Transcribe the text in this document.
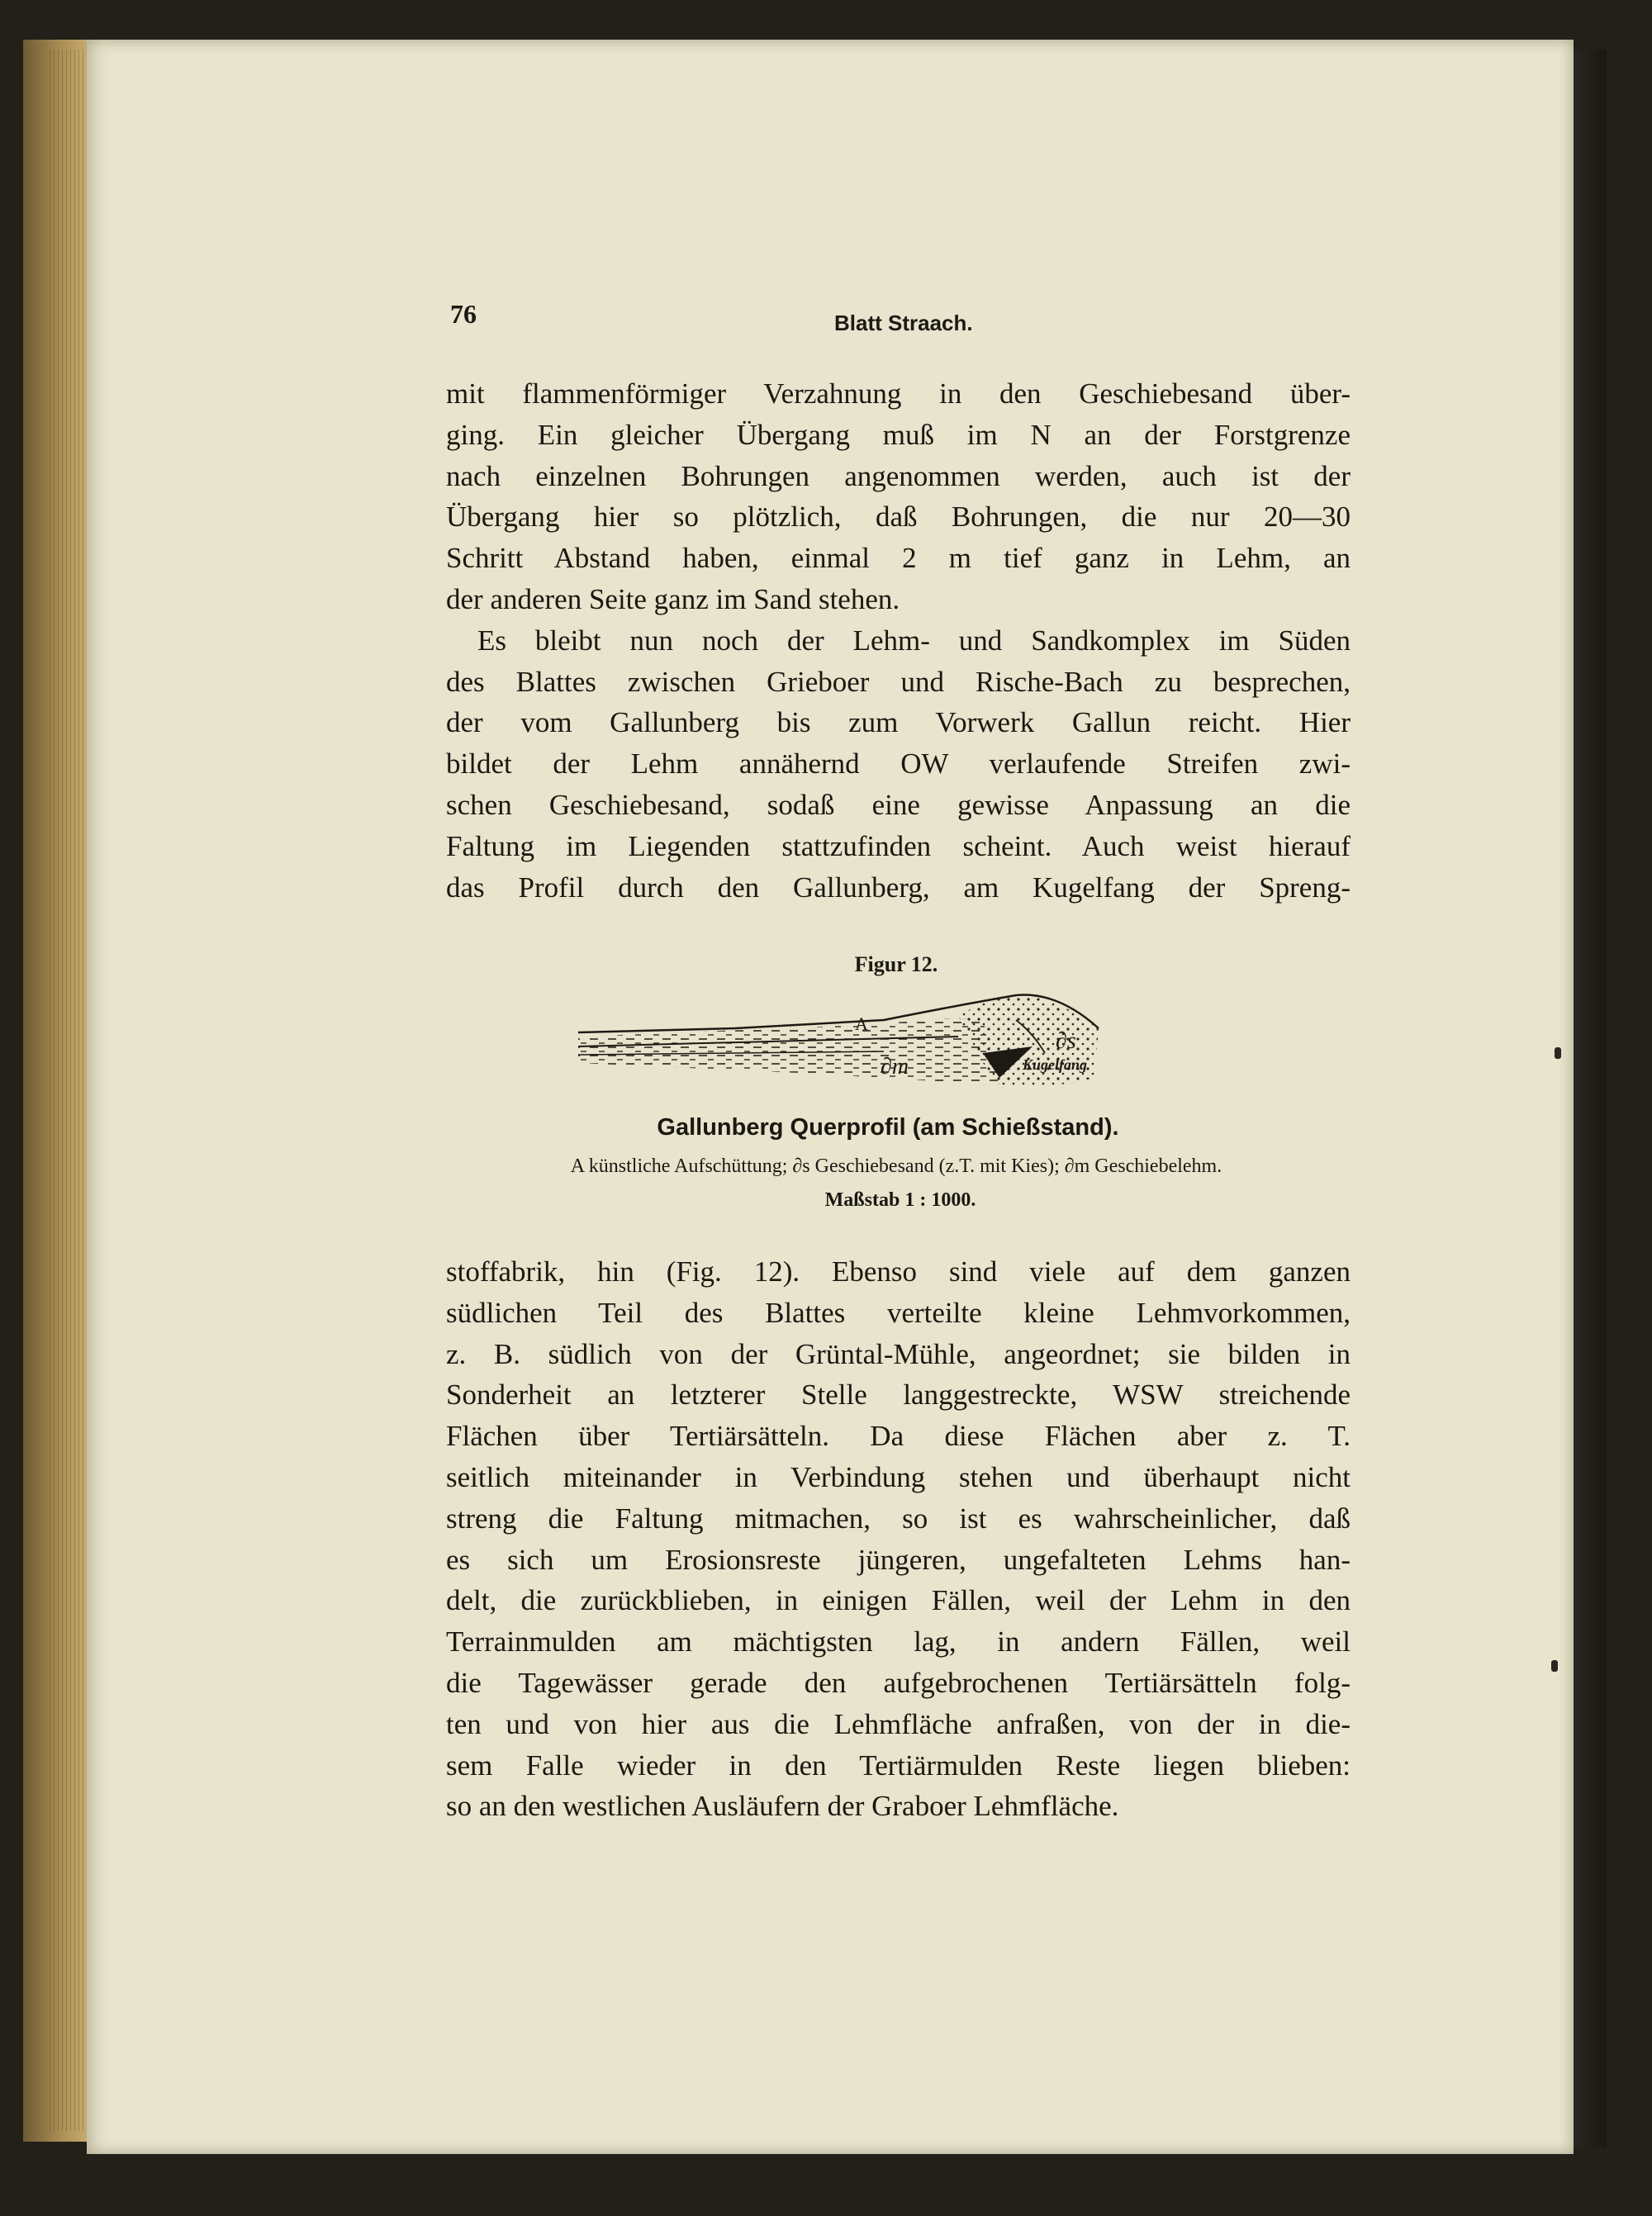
76	Blatt Straach.
mit flammenförmiger Verzahnung in den Geschiebesand über-
ging. Ein gleicher Übergang muß im N an der Forstgrenze
nach einzelnen Bohrungen angenommen werden, auch ist der
Übergang hier so plötzlich, daß Bohrungen, die nur 20—30
Schritt Abstand haben, einmal 2 m tief ganz in Lehm, an
der anderen Seite ganz im Sand stehen.
Es bleibt nun noch der Lehm- und Sandkomplex im Süden
des Blattes zwischen Grieboer und Rische-Bach zu besprechen,
der vom Gallunberg bis zum Vorwerk Gallun reicht. Hier
bildet der Lehm annähernd OW verlaufende Streifen zwi-
schen Geschiebesand, sodaß eine gewisse Anpassung an die
Faltung im Liegenden stattzufinden scheint. Auch weist hierauf
das Profil durch den Gallunberg, am Kugelfang der Spreng-
Figur 12.
A
∂s
∂m	Kugelfang
Gallunberg Querprofil (am Schießstand).
A künstliche Aufschüttung; ∂s Geschiebesand (z.T. mit Kies); ∂m Geschiebelehm.
Maßstab 1 : 1000.
stoffabrik, hin (Fig. 12). Ebenso sind viele auf dem ganzen
südlichen Teil des Blattes verteilte kleine Lehmvorkommen,
z. B. südlich von der Grüntal-Mühle, angeordnet; sie bilden in
Sonderheit an letzterer Stelle langgestreckte, WSW streichende
Flächen über Tertiärsätteln. Da diese Flächen aber z. T.
seitlich miteinander in Verbindung stehen und überhaupt nicht
streng die Faltung mitmachen, so ist es wahrscheinlicher, daß
es sich um Erosionsreste jüngeren, ungefalteten Lehms han-
delt, die zurückblieben, in einigen Fällen, weil der Lehm in den
Terrainmulden am mächtigsten lag, in andern Fällen, weil
die Tagewässer gerade den aufgebrochenen Tertiärsätteln folg-
ten und von hier aus die Lehmfläche anfraßen, von der in die-
sem Falle wieder in den Tertiärmulden Reste liegen blieben:
so an den westlichen Ausläufern der Graboer Lehmfläche.
